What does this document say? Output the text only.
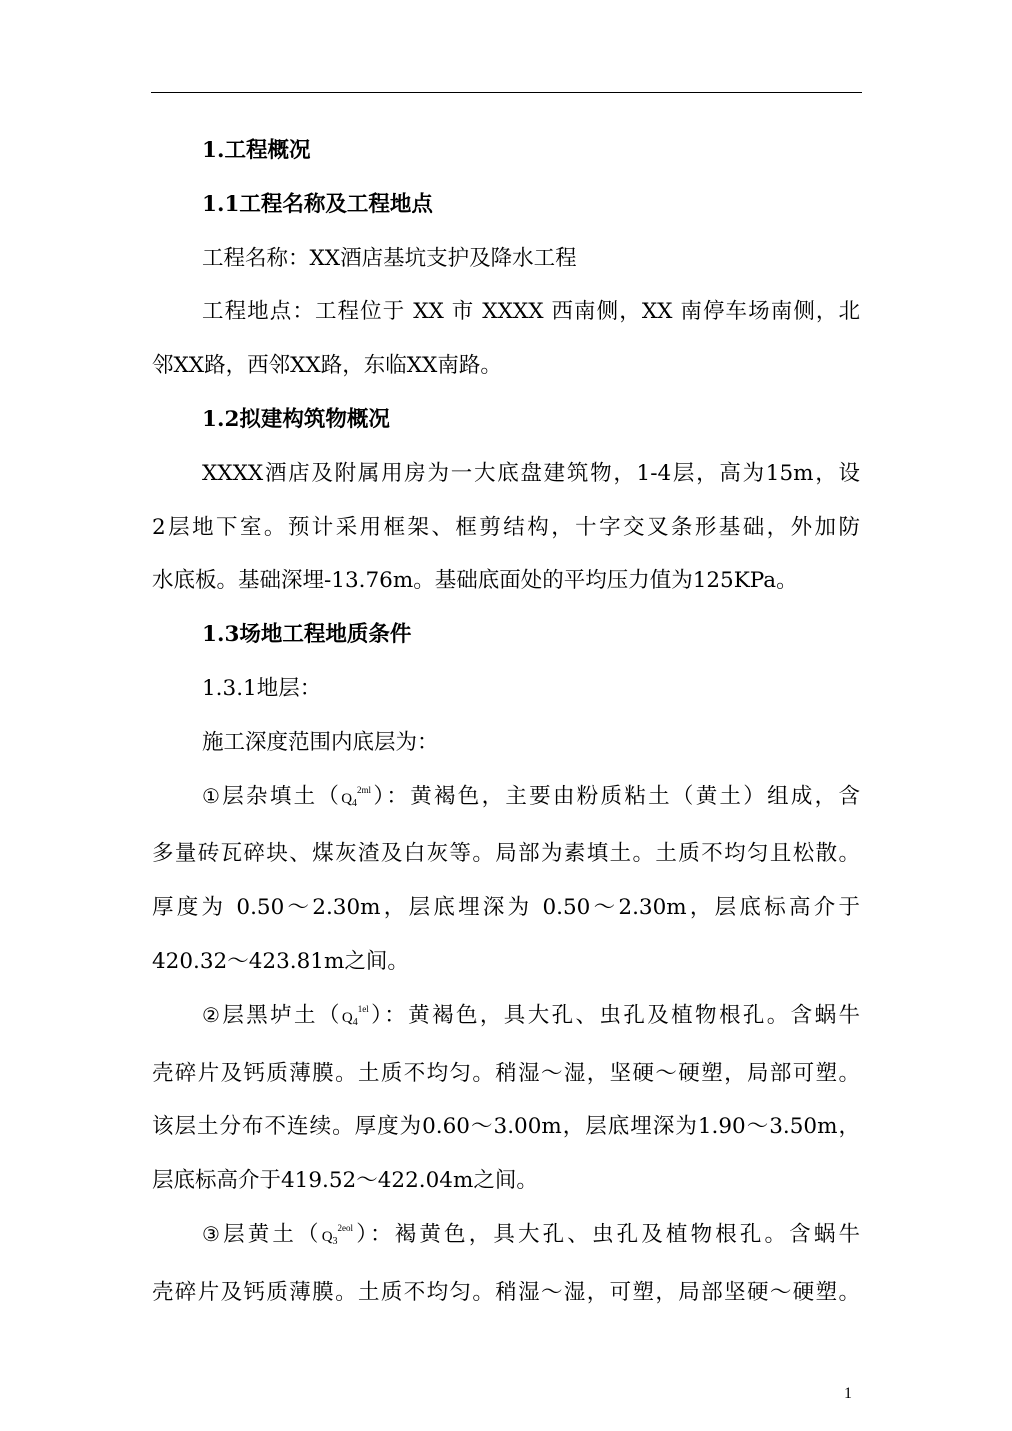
1.工程概况

1.1工程名称及工程地点

工程名称：XX酒店基坑支护及降水工程

工程地点：工程位于 XX 市 XXXX 西南侧，XX 南停车场南侧，北

邻XX路，西邻XX路，东临XX南路。

1.2拟建构筑物概况

XXXX酒店及附属用房为一大底盘建筑物，1-4层，高为15m，设

2层地下室。预计采用框架、框剪结构，十字交叉条形基础，外加防

水底板。基础深埋-13.76m。基础底面处的平均压力值为125KPa。

1.3场地工程地质条件

1.3.1地层：

施工深度范围内底层为：

①层杂填土$(Q_4^{2ml})$：黄褐色，主要由粉质粘土（黄土）组成，含

多量砖瓦碎块、煤灰渣及白灰等。局部为素填土。土质不均匀且松散。

厚度为 0.50～2.30m，层底埋深为 0.50～2.30m，层底标高介于

420.32～423.81m之间。

②层黑垆土$(Q_4^{1el})$：黄褐色，具大孔、虫孔及植物根孔。含蜗牛

壳碎片及钙质薄膜。土质不均匀。稍湿～湿，坚硬～硬塑，局部可塑。

该层土分布不连续。厚度为0.60～3.00m，层底埋深为1.90～3.50m，

层底标高介于419.52～422.04m之间。

③层黄土$(Q_3^{2eol})$：褐黄色，具大孔、虫孔及植物根孔。含蜗牛

壳碎片及钙质薄膜。土质不均匀。稍湿～湿，可塑，局部坚硬～硬塑。

1
